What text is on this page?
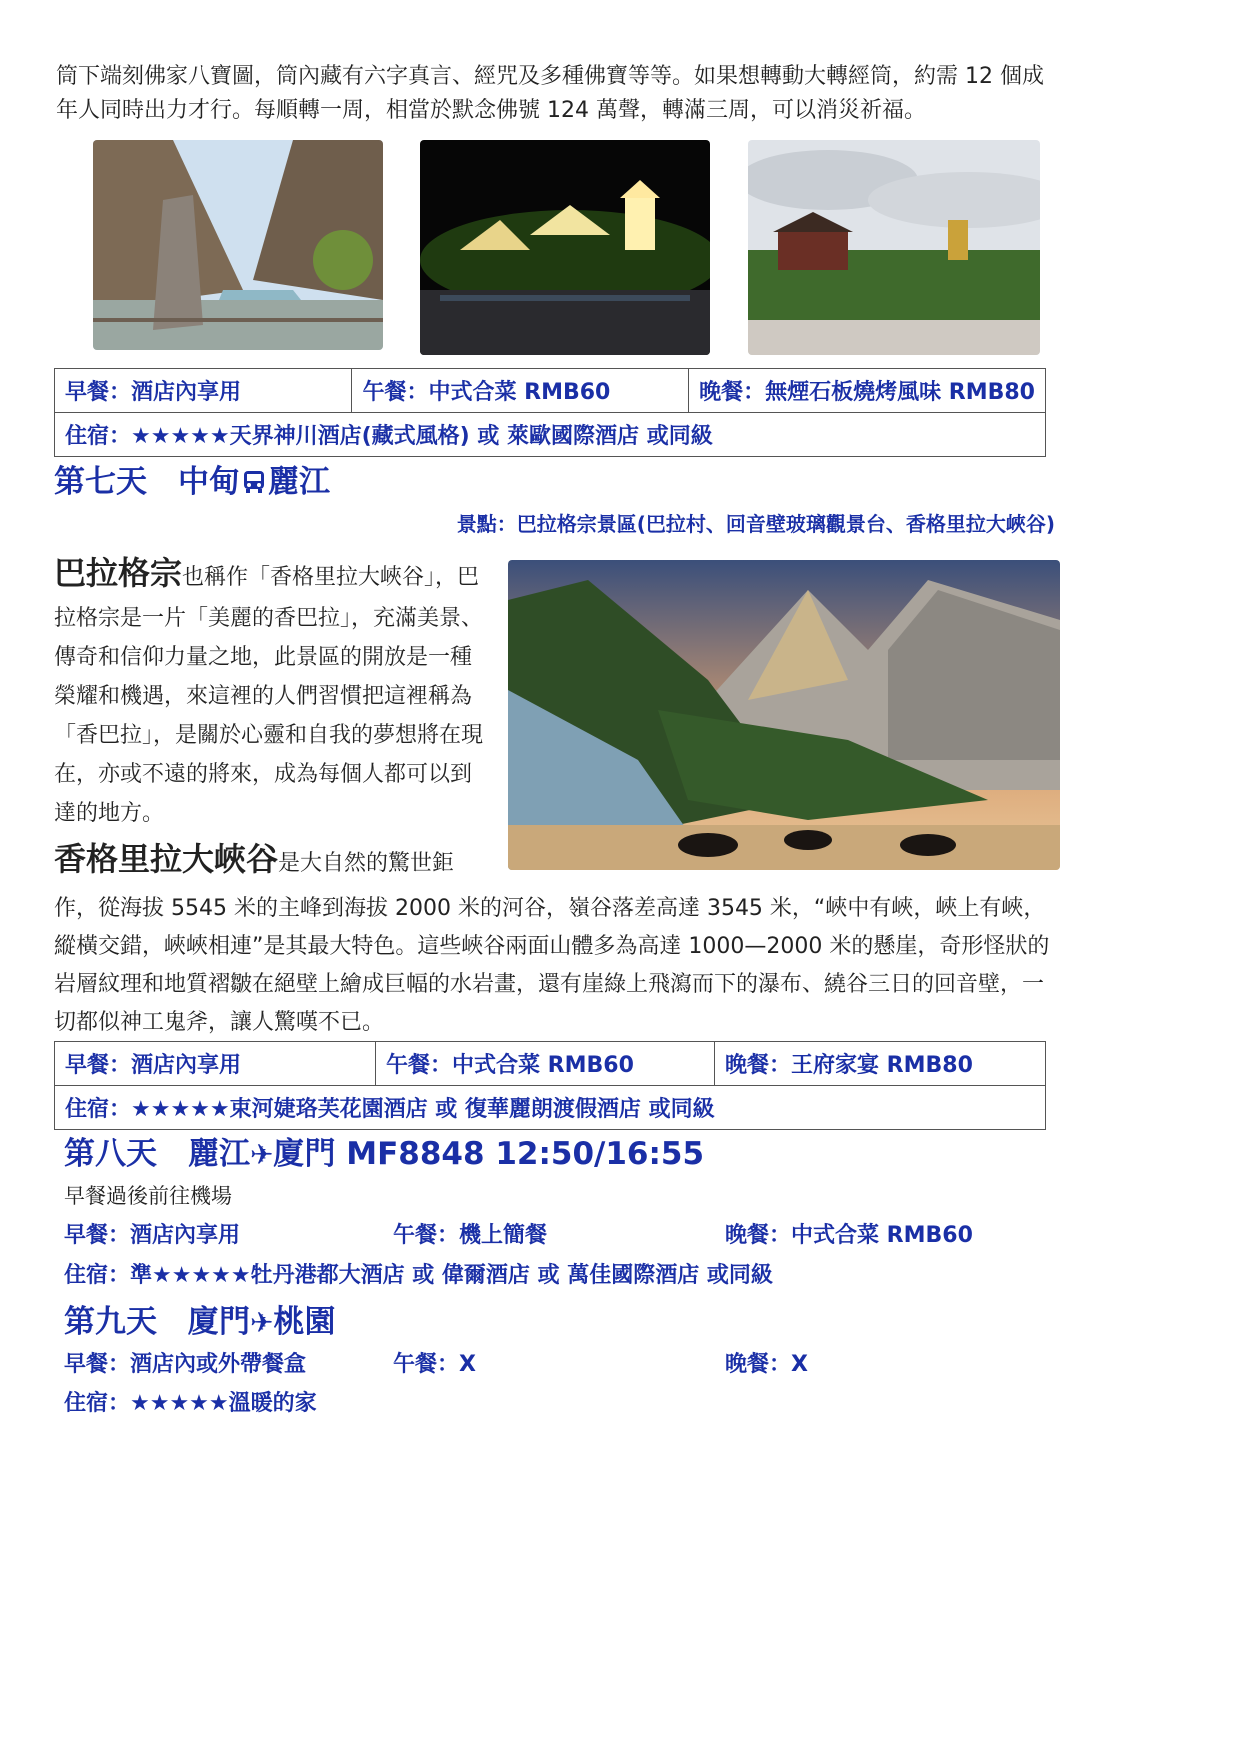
筒下端刻佛家八寶圖，筒內藏有六字真言、經咒及多種佛寶等等。如果想轉動大轉經筒，約需 12 個成
年人同時出力才行。每順轉一周，相當於默念佛號 124 萬聲，轉滿三周，可以消災祈福。
早餐：酒店內享用	午餐：中式合菜 RMB60	晚餐：無煙石板燒烤風味 RMB80
住宿：★★★★★天界神川酒店(藏式風格) 或 萊歐國際酒店 或同級
第七天　中甸 麗江
景點：巴拉格宗景區(巴拉村、回音壁玻璃觀景台、香格里拉大峽谷)
巴拉格宗也稱作「香格里拉大峽谷」，巴
拉格宗是一片「美麗的香巴拉」，充滿美景、
傳奇和信仰力量之地，此景區的開放是一種
榮耀和機遇，來這裡的人們習慣把這裡稱為
「香巴拉」，是關於心靈和自我的夢想將在現
在，亦或不遠的將來，成為每個人都可以到
達的地方。
香格里拉大峽谷是大自然的驚世鉅
作，從海拔 5545 米的主峰到海拔 2000 米的河谷，嶺谷落差高達 3545 米，“峽中有峽，峽上有峽，
縱橫交錯，峽峽相連”是其最大特色。這些峽谷兩面山體多為高達 1000—2000 米的懸崖，奇形怪狀的
岩層紋理和地質褶皺在絕壁上繪成巨幅的水岩畫，還有崖綠上飛瀉而下的瀑布、繞谷三日的回音壁，一
切都似神工鬼斧，讓人驚嘆不已。
早餐：酒店內享用	午餐：中式合菜 RMB60	晚餐：王府家宴 RMB80
住宿：★★★★★束河婕珞芙花園酒店 或 復華麗朗渡假酒店 或同級
第八天　麗江✈廈門 MF8848 12:50/16:55
早餐過後前往機場
早餐：酒店內享用	午餐：機上簡餐	晚餐：中式合菜 RMB60
住宿：準★★★★★牡丹港都大酒店 或 偉爾酒店 或 萬佳國際酒店 或同級
第九天　廈門✈桃園
早餐：酒店內或外帶餐盒	午餐：X	晚餐：X
住宿：★★★★★溫暖的家
